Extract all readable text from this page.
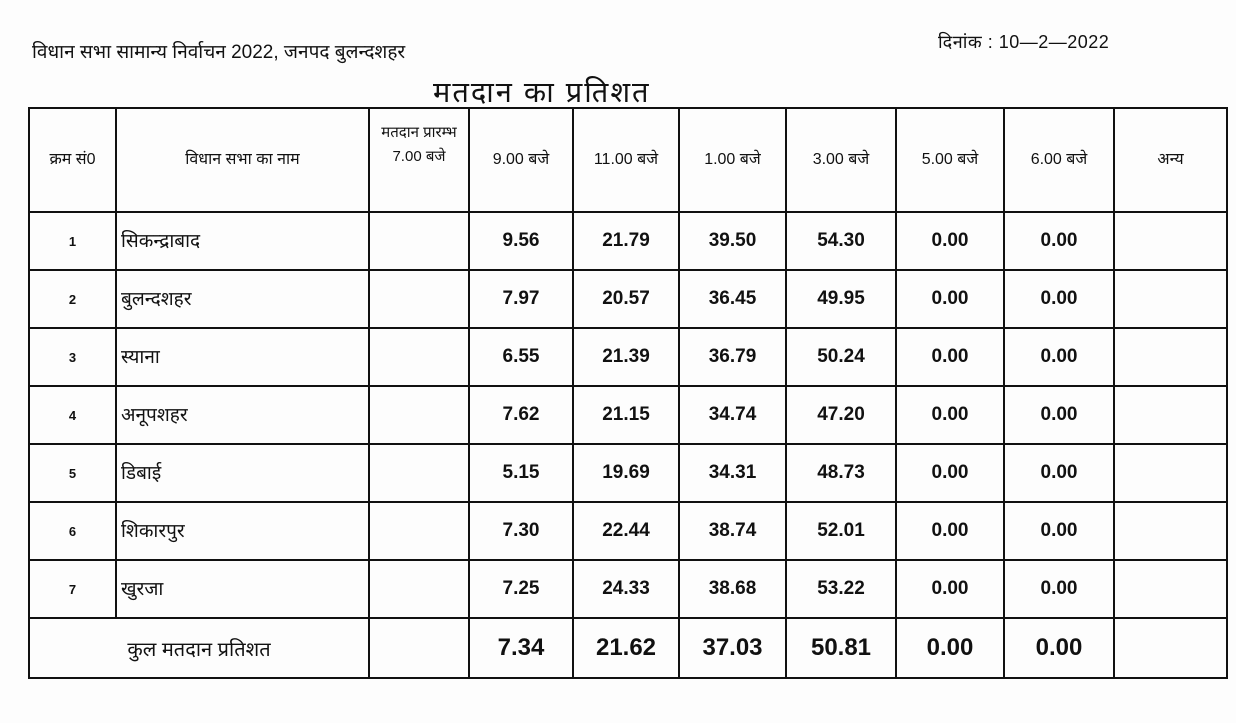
विधान सभा सामान्य निर्वाचन 2022, जनपद बुलन्दशहर	दिनांक : 10—2—2022
मतदान का प्रतिशत
क्रम सं0	विधान सभा का नाम	मतदान प्रारम्भ 7.00 बजे	9.00 बजे	11.00 बजे	1.00 बजे	3.00 बजे	5.00 बजे	6.00 बजे	अन्य
1	सिकन्द्राबाद		9.56	21.79	39.50	54.30	0.00	0.00	
2	बुलन्दशहर		7.97	20.57	36.45	49.95	0.00	0.00	
3	स्याना		6.55	21.39	36.79	50.24	0.00	0.00	
4	अनूपशहर		7.62	21.15	34.74	47.20	0.00	0.00	
5	डिबाई		5.15	19.69	34.31	48.73	0.00	0.00	
6	शिकारपुर		7.30	22.44	38.74	52.01	0.00	0.00	
7	खुरजा		7.25	24.33	38.68	53.22	0.00	0.00	
कुल मतदान प्रतिशत			7.34	21.62	37.03	50.81	0.00	0.00	
